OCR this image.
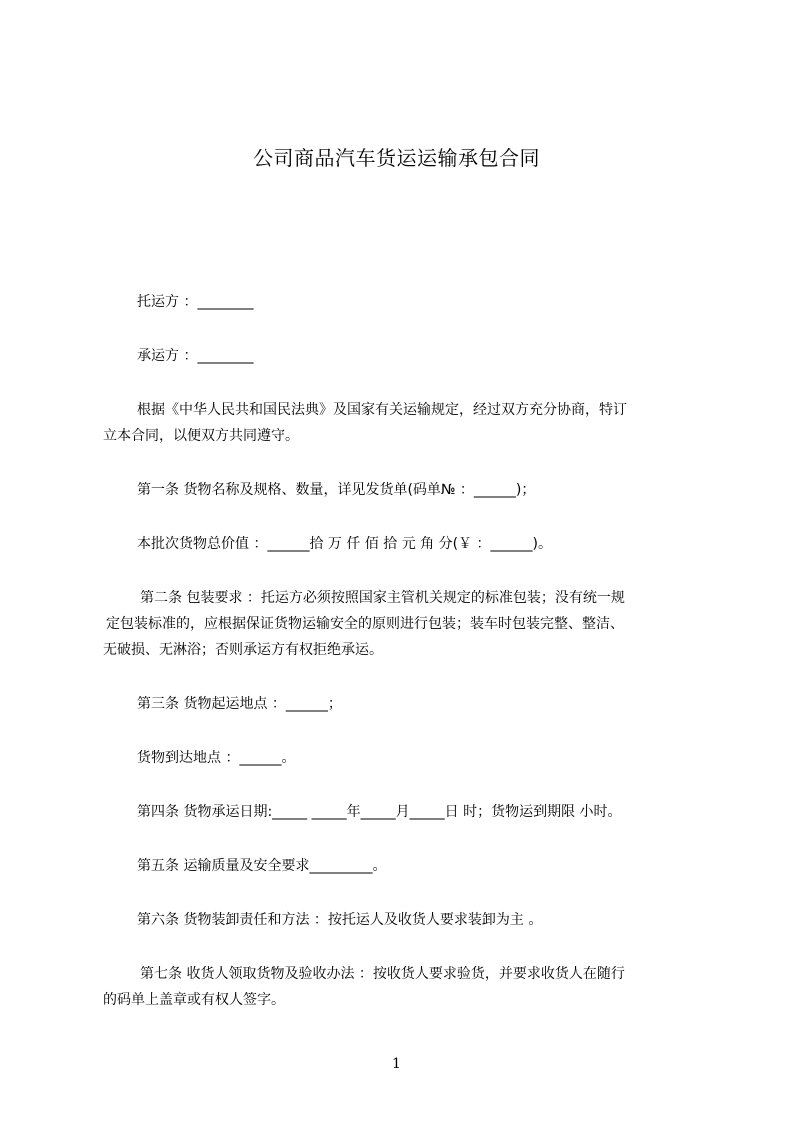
公司商品汽车货运运输承包合同
托运方 ：________
承运方 ：________
根据《中华人民共和国民法典》及国家有关运输规定，经过双方充分协商，特订
立本合同，以便双方共同遵守。
第一条 货物名称及规格、数量，详见发货单(码单№ ：______)；
本批次货物总价值 ：______拾 万 仟 佰 拾 元 角 分(￥ ：______)。
第二条 包装要求 ：托运方必须按照国家主管机关规定的标准包装；没有统一规
定包装标准的，应根据保证货物运输安全的原则进行包装；装车时包装完整、整洁、
无破损、无淋浴；否则承运方有权拒绝承运。
第三条 货物起运地点 ：______；
货物到达地点 ：______。
第四条 货物承运日期:_____ _____年_____月_____日 时；货物运到期限 小时。
第五条 运输质量及安全要求_________。
第六条 货物装卸责任和方法 ：按托运人及收货人要求装卸为主 。
第七条 收货人领取货物及验收办法 ：按收货人要求验货，并要求收货人在随行
的码单上盖章或有权人签字。
1
